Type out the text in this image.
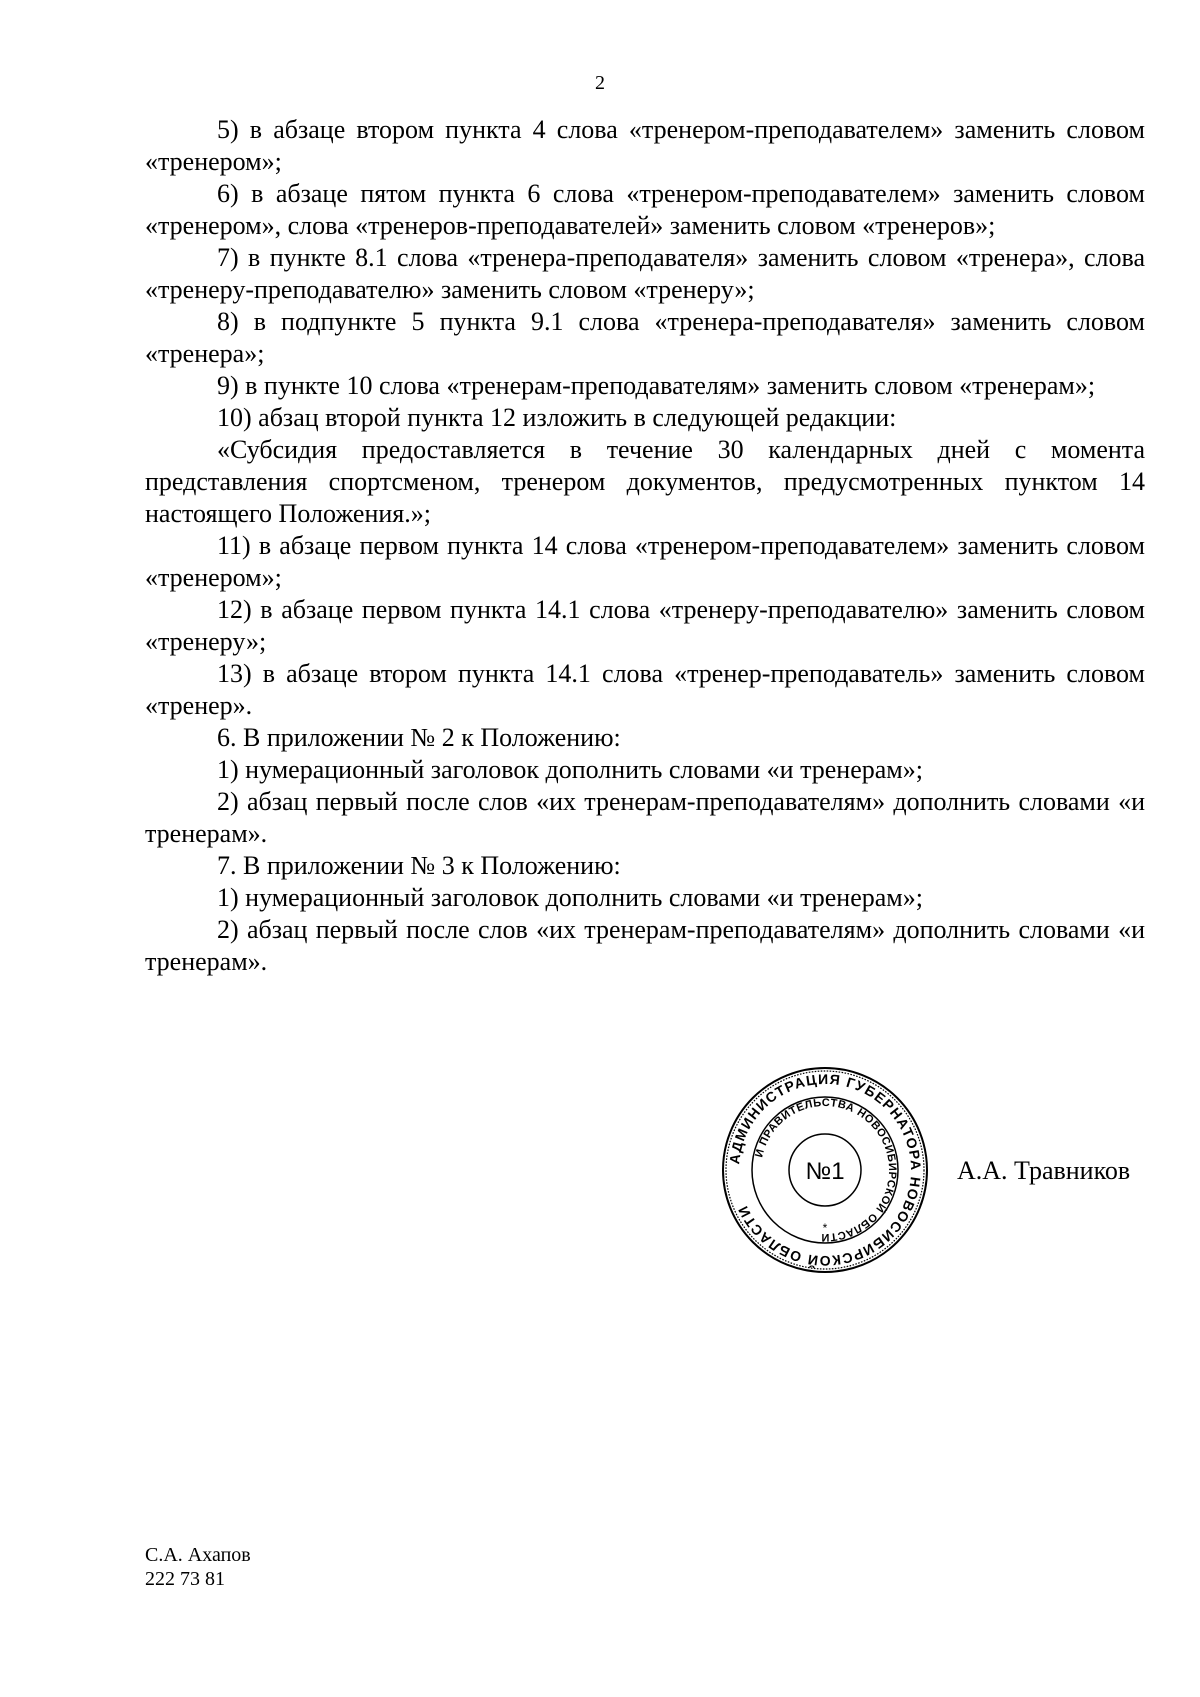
2

5) в абзаце втором пункта 4 слова «тренером-преподавателем» заменить словом «тренером»;

6) в абзаце пятом пункта 6 слова «тренером-преподавателем» заменить словом «тренером», слова «тренеров-преподавателей» заменить словом «тренеров»;

7) в пункте 8.1 слова «тренера-преподавателя» заменить словом «тренера», слова «тренеру-преподавателю» заменить словом «тренеру»;

8) в подпункте 5 пункта 9.1 слова «тренера-преподавателя» заменить словом «тренера»;

9) в пункте 10 слова «тренерам-преподавателям» заменить словом «тренерам»;

10) абзац второй пункта 12 изложить в следующей редакции:

«Субсидия предоставляется в течение 30 календарных дней с момента представления спортсменом, тренером документов, предусмотренных пунктом 14 настоящего Положения.»;

11) в абзаце первом пункта 14 слова «тренером-преподавателем» заменить словом «тренером»;

12) в абзаце первом пункта 14.1 слова «тренеру-преподавателю» заменить словом «тренеру»;

13) в абзаце втором пункта 14.1 слова «тренер-преподаватель» заменить словом «тренер».

6. В приложении № 2 к Положению:

1) нумерационный заголовок дополнить словами «и тренерам»;

2) абзац первый после слов «их тренерам-преподавателям» дополнить словами «и тренерам».

7. В приложении № 3 к Положению:

1) нумерационный заголовок дополнить словами «и тренерам»;

2) абзац первый после слов «их тренерам-преподавателям» дополнить словами «и тренерам».

АДМИНИСТРАЦИЯ ГУБЕРНАТОРА НОВОСИБИРСКОЙ ОБЛАСТИ
И ПРАВИТЕЛЬСТВА НОВОСИБИРСКОЙ ОБЛАСТИ
№1
*
А.А. Травников
С.А. Ахапов
222 73 81
